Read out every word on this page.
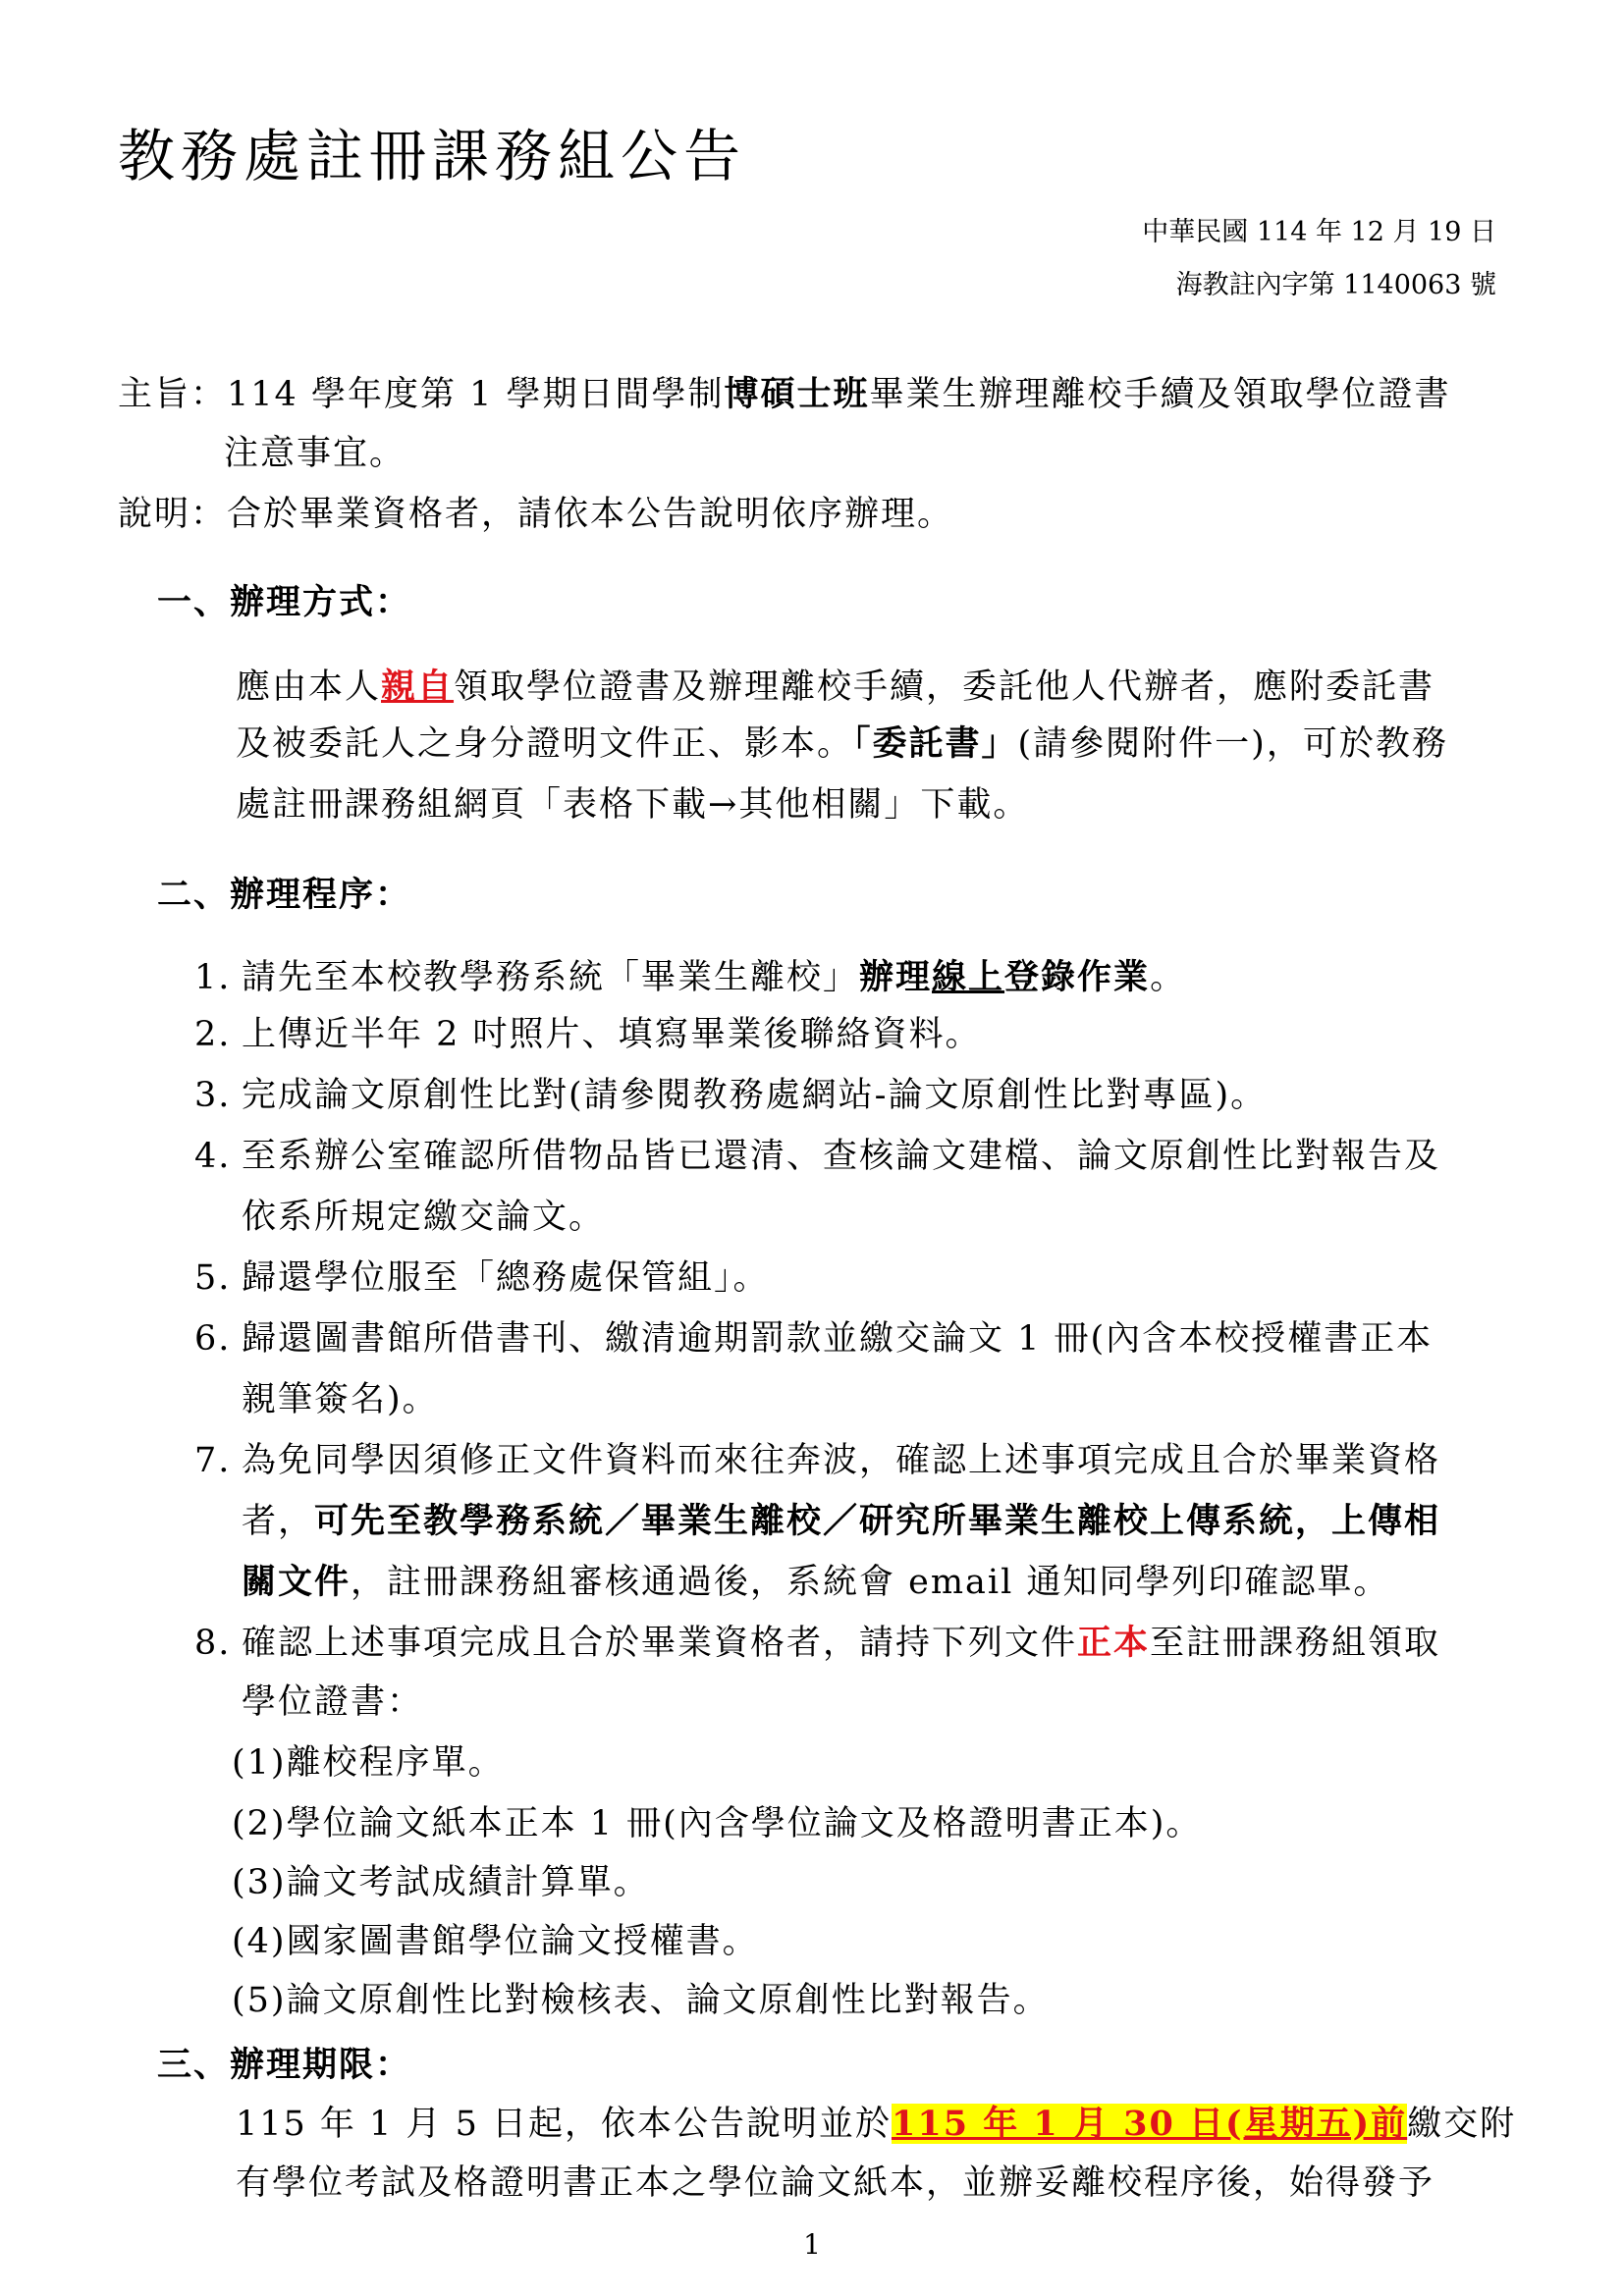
教務處註冊課務組公告
中華民國 114 年 12 月 19 日
海教註內字第 1140063 號
主旨：114 學年度第 1 學期日間學制博碩士班畢業生辦理離校手續及領取學位證書
注意事宜。
說明：合於畢業資格者，請依本公告說明依序辦理。
一、辦理方式：
應由本人親自領取學位證書及辦理離校手續，委託他人代辦者，應附委託書
及被委託人之身分證明文件正、影本。「委託書」(請參閱附件一)，可於教務
處註冊課務組網頁「表格下載→其他相關」下載。
二、辦理程序：
1. 請先至本校教學務系統「畢業生離校」辦理線上登錄作業。
2. 上傳近半年 2 吋照片、填寫畢業後聯絡資料。
3. 完成論文原創性比對(請參閱教務處網站-論文原創性比對專區)。
4. 至系辦公室確認所借物品皆已還清、查核論文建檔、論文原創性比對報告及
依系所規定繳交論文。
5. 歸還學位服至「總務處保管組」。
6. 歸還圖書館所借書刊、繳清逾期罰款並繳交論文 1 冊(內含本校授權書正本
親筆簽名)。
7. 為免同學因須修正文件資料而來往奔波，確認上述事項完成且合於畢業資格
者，可先至教學務系統／畢業生離校／研究所畢業生離校上傳系統，上傳相
關文件，註冊課務組審核通過後，系統會 email 通知同學列印確認單。
8. 確認上述事項完成且合於畢業資格者，請持下列文件正本至註冊課務組領取
學位證書：
(1)離校程序單。
(2)學位論文紙本正本 1 冊(內含學位論文及格證明書正本)。
(3)論文考試成績計算單。
(4)國家圖書館學位論文授權書。
(5)論文原創性比對檢核表、論文原創性比對報告。
三、辦理期限：
115 年 1 月 5 日起，依本公告說明並於115 年 1 月 30 日(星期五)前繳交附
有學位考試及格證明書正本之學位論文紙本，並辦妥離校程序後，始得發予
1
